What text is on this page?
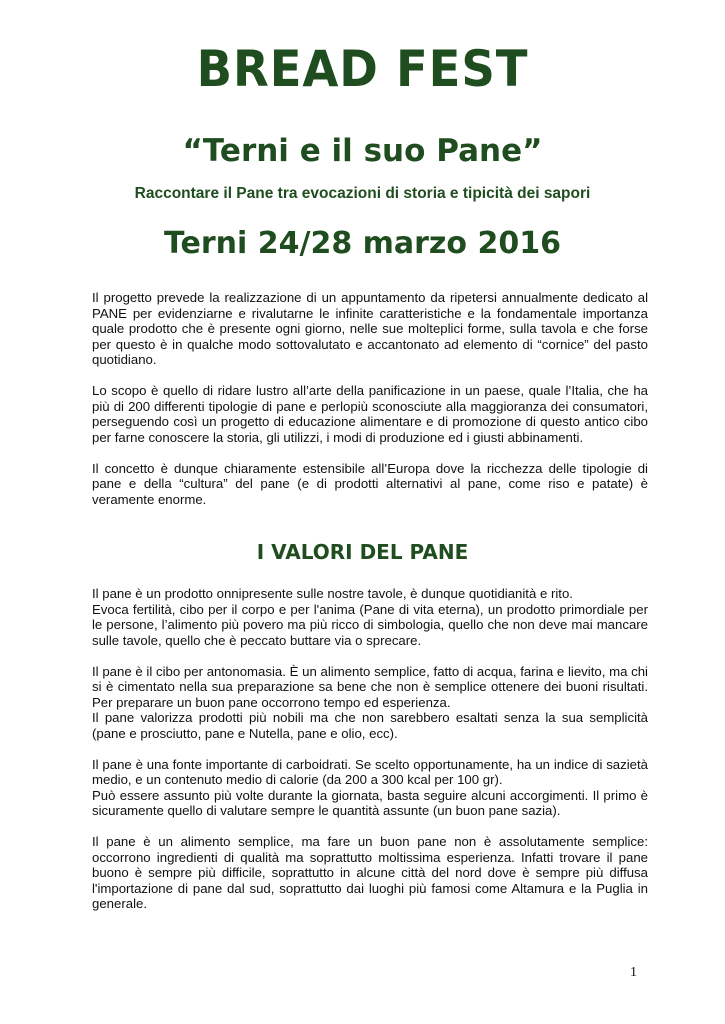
BREAD FEST
“Terni e il suo Pane”
Raccontare il Pane tra evocazioni di storia e tipicità dei sapori
Terni 24/28 marzo 2016

Il progetto prevede la realizzazione di un appuntamento da ripetersi annualmente dedicato al PANE per evidenziarne e rivalutarne le infinite caratteristiche e la fondamentale importanza quale prodotto che è presente ogni giorno, nelle sue molteplici forme, sulla tavola e che forse per questo è in qualche modo sottovalutato e accantonato ad elemento di “cornice” del pasto quotidiano.

Lo scopo è quello di ridare lustro all’arte della panificazione in un paese, quale l’Italia, che ha più di 200 differenti tipologie di pane e perlopiù sconosciute alla maggioranza dei consumatori, perseguendo così un progetto di educazione alimentare e di promozione di questo antico cibo per farne conoscere la storia, gli utilizzi, i modi di produzione ed i giusti abbinamenti.

Il concetto è dunque chiaramente estensibile all’Europa dove la ricchezza delle tipologie di pane e della “cultura” del pane (e di prodotti alternativi al pane, come riso e patate) è veramente enorme.

I VALORI DEL PANE

Il pane è un prodotto onnipresente sulle nostre tavole, è dunque quotidianità e rito.

Evoca fertilità, cibo per il corpo e per l'anima (Pane di vita eterna), un prodotto primordiale per le persone, l’alimento più povero ma più ricco di simbologia, quello che non deve mai mancare sulle tavole, quello che è peccato buttare via o sprecare.

Il pane è il cibo per antonomasia. È un alimento semplice, fatto di acqua, farina e lievito, ma chi si è cimentato nella sua preparazione sa bene che non è semplice ottenere dei buoni risultati. Per preparare un buon pane occorrono tempo ed esperienza.

Il pane valorizza prodotti più nobili ma che non sarebbero esaltati senza la sua semplicità (pane e prosciutto, pane e Nutella, pane e olio, ecc).

Il pane è una fonte importante di carboidrati. Se scelto opportunamente, ha un indice di sazietà medio, e un contenuto medio di calorie (da 200 a 300 kcal per 100 gr).

Può essere assunto più volte durante la giornata, basta seguire alcuni accorgimenti. Il primo è sicuramente quello di valutare sempre le quantità assunte (un buon pane sazia).

Il pane è un alimento semplice, ma fare un buon pane non è assolutamente semplice: occorrono ingredienti di qualità ma soprattutto moltissima esperienza. Infatti trovare il pane buono è sempre più difficile, soprattutto in alcune città del nord dove è sempre più diffusa l'importazione di pane dal sud, soprattutto dai luoghi più famosi come Altamura e la Puglia in generale.

1
